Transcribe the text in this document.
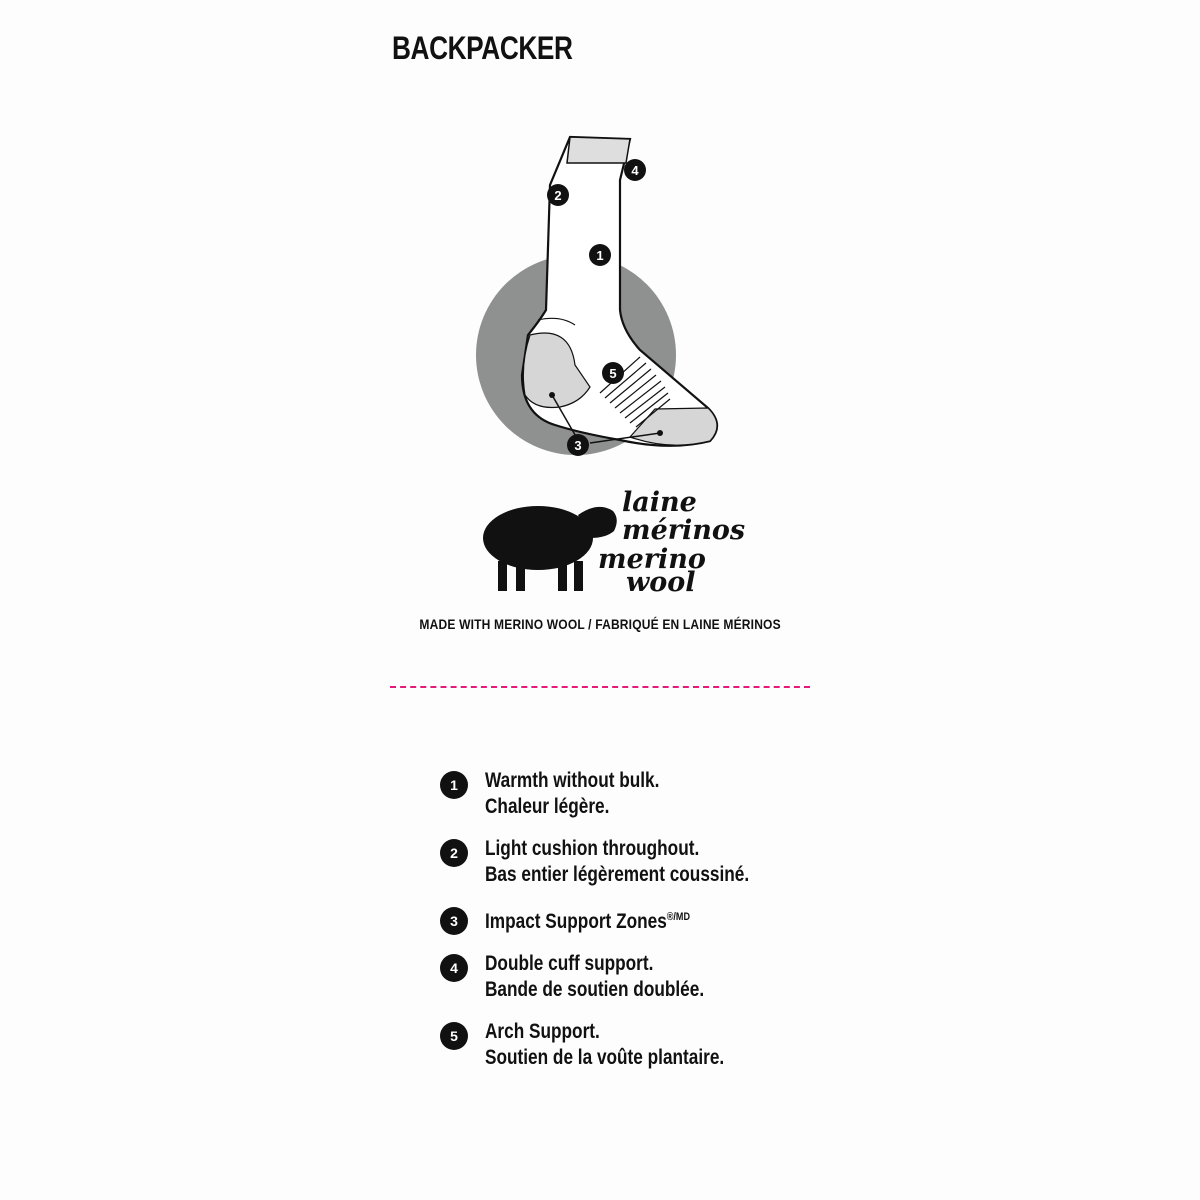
BACKPACKER
1
2
3
4
5
laine
mérinos
merino
wool
MADE WITH MERINO WOOL / FABRIQUÉ EN LAINE MÉRINOS
1	Warmth without bulk.
Chaleur légère.
2	Light cushion throughout.
Bas entier légèrement coussiné.
3	Impact Support Zones$^{®/MD}$
4	Double cuff support.
Bande de soutien doublée.
5	Arch Support.
Soutien de la voûte plantaire.
